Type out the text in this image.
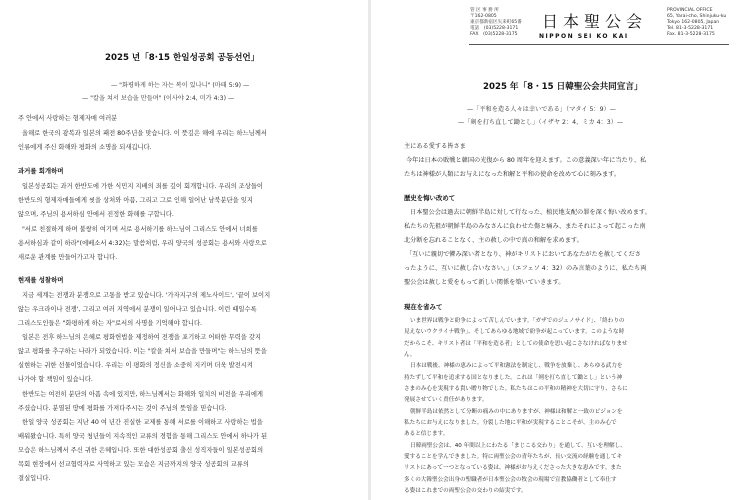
2025 년「8·15 한일성공회 공동선언」
— "화평하게 하는 자는 복이 있나니" (마태 5:9) —
— "칼을 쳐서 보습을 만들며" (이사야 2:4, 미가 4:3) —
주 안에서 사랑하는 형제자매 여러분
올해로 한국의 광복과 일본의 패전 80주년을 맞습니다. 이 뜻깊은 해에 우리는 하느님께서
인류에게 주신 화해와 평화의 소명을 되새깁니다.
과거를 회개하며
일본성공회는 과거 한반도에 가한 식민지 지배의 죄를 깊이 회개합니다. 우리의 조상들이
한반도의 형제자매들에게 씻을 상처와 아픔, 그리고 그로 인해 일어난 남북분단을 잊지
않으며, 주님의 용서하심 안에서 진정한 화해를 구합니다.
"서로 친절하게 하며 불쌍히 여기며 서로 용서하기를 하느님이 그리스도 안에서 너희를
용서하심과 같이 하라"(에베소서 4:32)는 말씀처럼, 우리 양국의 성공회는 용서와 사랑으로
새로운 관계를 만들어가고자 합니다.
현재를 성찰하며
지금 세계는 전쟁과 분쟁으로 고통을 받고 있습니다. '가자지구의 제노사이드', '끝이 보이지
않는 우크라이나 전쟁', 그리고 여러 지역에서 분쟁이 일어나고 있습니다. 이런 때일수록
그리스도인들은 "화평하게 하는 자"로서의 사명을 기억해야 합니다.
일본은 전후 하느님의 은혜로 평화헌법을 제정하여 전쟁을 포기하고 어떠한 무력을 갖지
않고 평화를 추구하는 나라가 되었습니다. 이는 "칼을 쳐서 보습을 만들며"는 하느님의 뜻을
실현하는 귀한 선물이었습니다. 우리는 이 평화의 정신을 소중히 지키며 더욱 발전시켜
나가야 할 책임이 있습니다.
한반도는 여전히 분단의 아픔 속에 있지만, 하느님께서는 화해와 일치의 비전을 우리에게
주셨습니다. 분열된 땅에 평화를 가져다주시는 것이 주님의 뜻임을 믿습니다.
한일 양국 성공회는 지난 40 여 년간 진실한 교제를 통해 서로를 이해하고 사랑하는 법을
배워왔습니다. 특히 양국 청년들이 지속적인 교류의 경험을 통해 그리스도 안에서 하나가 된
모습은 하느님께서 주신 귀한 은혜입니다. 또한 대한성공회 출신 성직자들이 일본성공회의
목회 현장에서 선교협력자로 사역하고 있는 모습은 지금까지의 양국 성공회의 교류의
결실입니다.
管 区 事 務 所
〒162-0805
東京都新宿区矢来町65番
電話　(03)5228-3171
FAX　(03)5228-3175
日本聖公会
NIPPON SEI KO KAI
PROVINCIAL OFFICE
65, Yarai-cho, Shinjuku-ku
Tokyo 162-0805, Japan
Tel. 81-3-5228-3171
Fax. 81-3-5228-3175
2025 年「8・15 日韓聖公会共同宣言」
—「平和を造る人々は幸いである」（マタイ 5：9）—
—「剣を打ち直して鋤とし」（イザヤ 2：4、ミカ 4：3）—
主にある愛する皆さま
今年は日本の敗戦と韓国の光復から 80 周年を迎えます。この意義深い年に当たり、私
たちは神様が人類にお与えになった和解と平和の使命を改めて心に刻みます。
歴史を悔い改めて
日本聖公会は過去に朝鮮半島に対して行なった、植民地支配の罪を深く悔い改めます。
私たちの先祖が朝鮮半島のみなさんに負わせた傷と痛み、またそれによって起こった南
北分断を忘れることなく、主の赦しの中で真の和解を求めます。
「互いに親切で憐み深い者となり、神がキリストにおいてあなたがたを赦してくださ
ったように、互いに赦し合いなさい。」（エフェソ 4：32）のみ言葉のように、私たち両
聖公会は赦しと愛をもって新しい関係を築いていきます。
現在を省みて
いま世界は戦争と紛争によって苦しんでいます。「ガザでのジェノサイド」、「終わりの
見えないウクライナ戦争」、そしてあらゆる地域で紛争が起こっています。このような時
だからこそ、キリスト者は「平和を造る者」としての使命を思い起こさなければなりませ
ん。
日本は戦後、神様の恵みによって平和憲法を制定し、戦争を放棄し、あらゆる武力を
持たずして平和を追求する国となりました。これは「剣を打ち直して鋤とし」という神
さまのみ心を実現する貴い贈り物でした。私たちはこの平和の精神を大切に守り、さらに
発展させていく責任があります。
朝鮮半島は依然として分断の痛みの中にありますが、神様は和解と一致のビジョンを
私たちにお与えになりました。分裂した地に平和が実現することこそが、主のみ心で
あると信じます。
日韓両聖公会は、40 年間以上にわたる「まじこる交わり」を通して、互いを理解し、
愛することを学んできました。特に両聖公会の青年たちが、長い交流の経験を通してキ
リストにあって一つとなっている姿は、神様がお与えくださった大きな恵みです。また
多くの大韓聖公会出身の聖職者が日本聖公会の牧会の現場で宣教協働者として奉仕す
る姿はこれまでの両聖公会の交わりの結実です。
